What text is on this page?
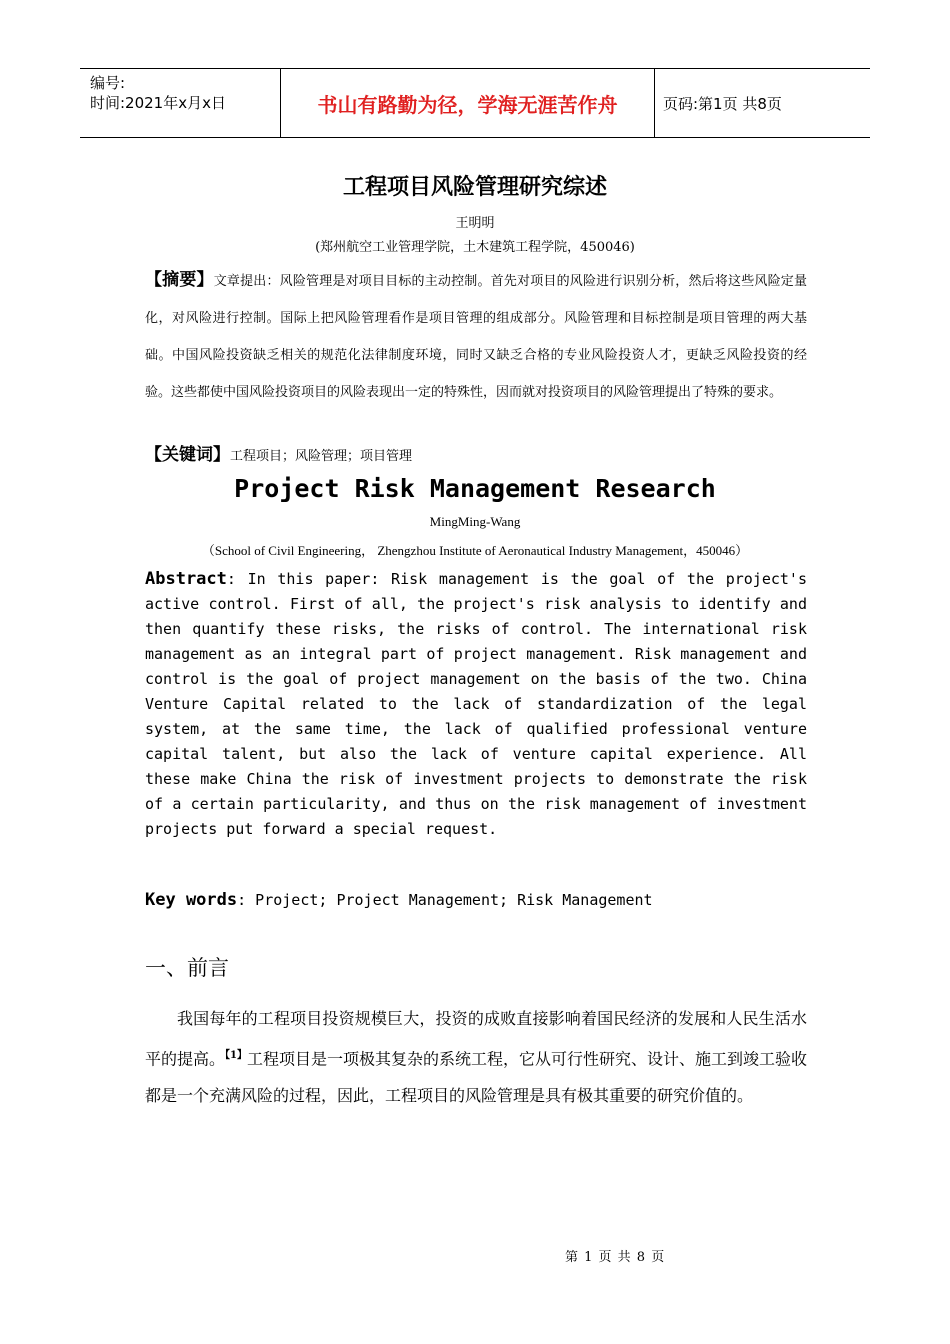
编号:
时间:2021年x月x日	书山有路勤为径，学海无涯苦作舟	页码:第1页 共8页
工程项目风险管理研究综述
王明明
(郑州航空工业管理学院，土木建筑工程学院，450046)
【摘要】文章提出：风险管理是对项目目标的主动控制。首先对项目的风险进行识别分析，然后将这些风险定量化，对风险进行控制。国际上把风险管理看作是项目管理的组成部分。风险管理和目标控制是项目管理的两大基础。中国风险投资缺乏相关的规范化法律制度环境，同时又缺乏合格的专业风险投资人才，更缺乏风险投资的经验。这些都使中国风险投资项目的风险表现出一定的特殊性，因而就对投资项目的风险管理提出了特殊的要求。
【关键词】工程项目；风险管理；项目管理
Project Risk Management Research
MingMing-Wang
（School of Civil Engineering， Zhengzhou Institute of Aeronautical Industry Management，450046）
Abstract: In this paper: Risk management is the goal of the project's active control. First of all, the project's risk analysis to identify and then quantify these risks, the risks of control. The international risk management as an integral part of project management. Risk management and control is the goal of project management on the basis of the two. China Venture Capital related to the lack of standardization of the legal system, at the same time, the lack of qualified professional venture capital talent, but also the lack of venture capital experience. All these make China the risk of investment projects to demonstrate the risk of a certain particularity, and thus on the risk management of investment projects put forward a special request.
Key words: Project; Project Management; Risk Management
一、前言
我国每年的工程项目投资规模巨大，投资的成败直接影响着国民经济的发展和人民生活水平的提高。$^{【1】}$工程项目是一项极其复杂的系统工程，它从可行性研究、设计、施工到竣工验收都是一个充满风险的过程，因此，工程项目的风险管理是具有极其重要的研究价值的。
第 1 页 共 8 页
